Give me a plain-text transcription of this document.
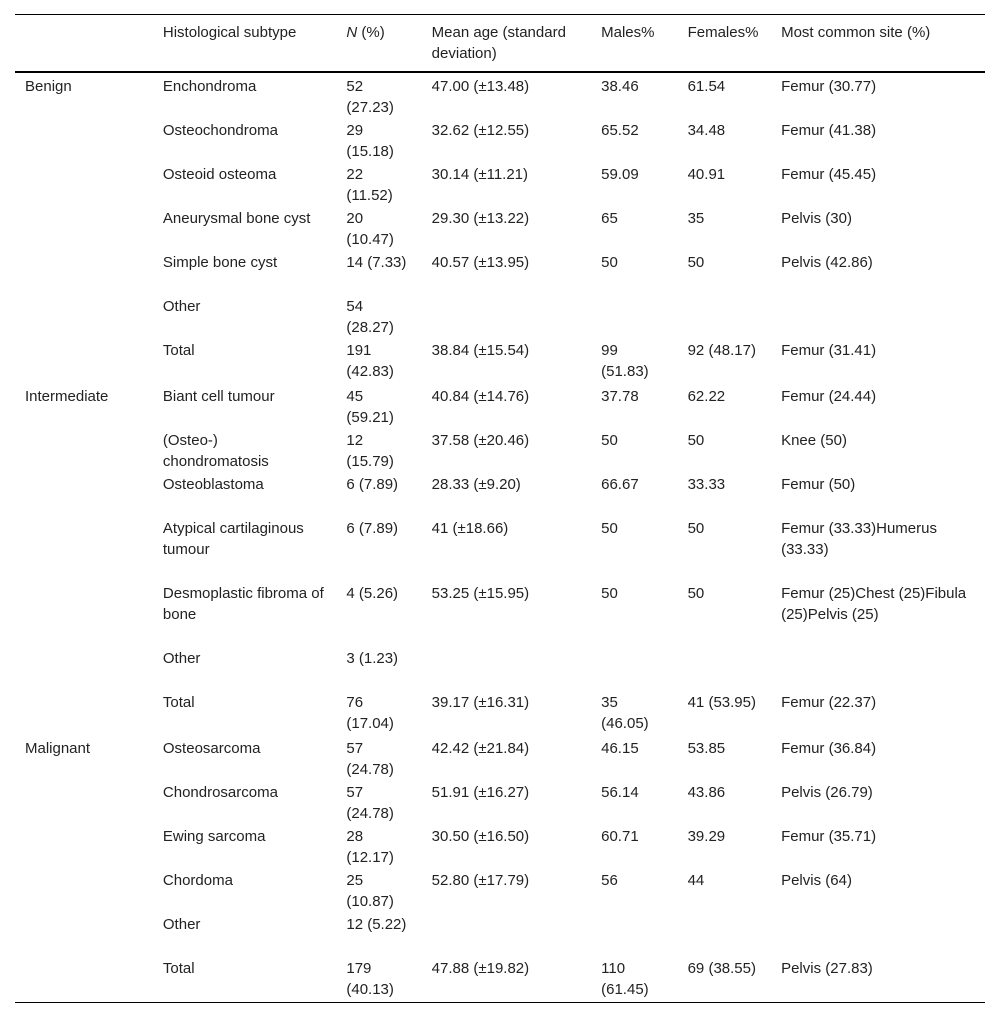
	Histological subtype	N (%)	Mean age (standard deviation)	Males%	Females%	Most common site (%)
Benign	Enchondroma	52 (27.23)	47.00 (±13.48)	38.46	61.54	Femur (30.77)
	Osteochondroma	29 (15.18)	32.62 (±12.55)	65.52	34.48	Femur (41.38)
	Osteoid osteoma	22 (11.52)	30.14 (±11.21)	59.09	40.91	Femur (45.45)
	Aneurysmal bone cyst	20 (10.47)	29.30 (±13.22)	65	35	Pelvis (30)
	Simple bone cyst	14 (7.33)	40.57 (±13.95)	50	50	Pelvis (42.86)
	Other	54 (28.27)				
	Total	191 (42.83)	38.84 (±15.54)	99 (51.83)	92 (48.17)	Femur (31.41)
Intermediate	Biant cell tumour	45 (59.21)	40.84 (±14.76)	37.78	62.22	Femur (24.44)
	(Osteo-) chondromatosis	12 (15.79)	37.58 (±20.46)	50	50	Knee (50)
	Osteoblastoma	6 (7.89)	28.33 (±9.20)	66.67	33.33	Femur (50)
	Atypical cartilaginous tumour	6 (7.89)	41 (±18.66)	50	50	Femur (33.33)Humerus (33.33)
	Desmoplastic fibroma of bone	4 (5.26)	53.25 (±15.95)	50	50	Femur (25)Chest (25)Fibula (25)Pelvis (25)
	Other	3 (1.23)				
	Total	76 (17.04)	39.17 (±16.31)	35 (46.05)	41 (53.95)	Femur (22.37)
Malignant	Osteosarcoma	57 (24.78)	42.42 (±21.84)	46.15	53.85	Femur (36.84)
	Chondrosarcoma	57 (24.78)	51.91 (±16.27)	56.14	43.86	Pelvis (26.79)
	Ewing sarcoma	28 (12.17)	30.50 (±16.50)	60.71	39.29	Femur (35.71)
	Chordoma	25 (10.87)	52.80 (±17.79)	56	44	Pelvis (64)
	Other	12 (5.22)				
	Total	179 (40.13)	47.88 (±19.82)	110 (61.45)	69 (38.55)	Pelvis (27.83)
